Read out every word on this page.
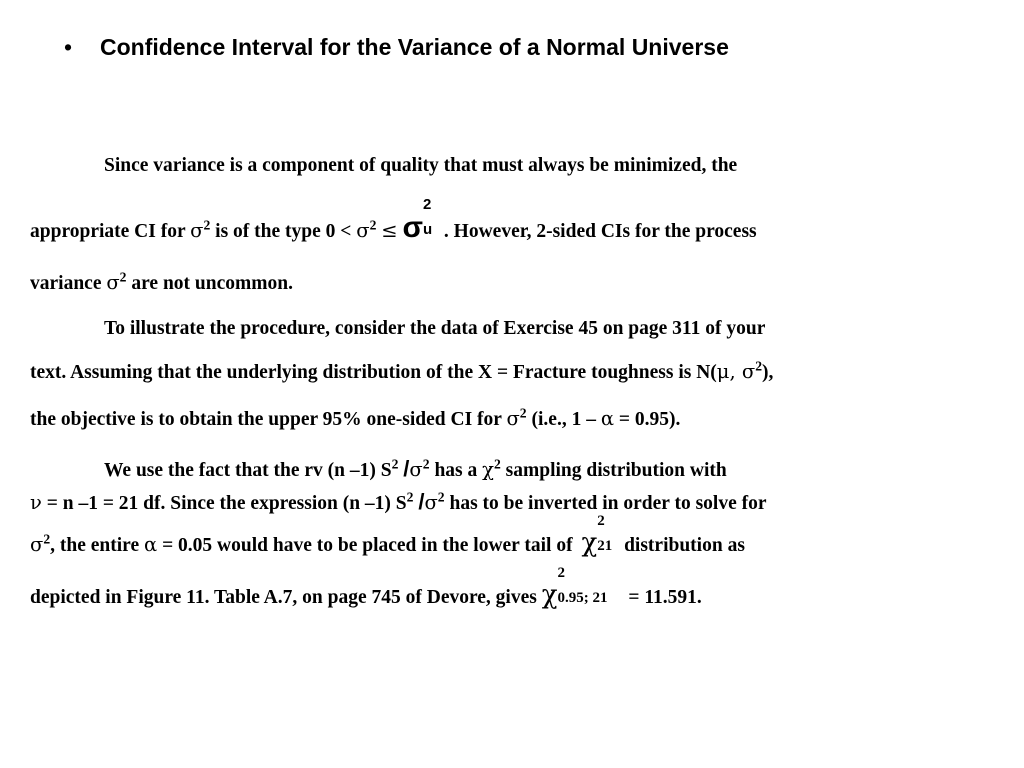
• Confidence Interval for the Variance of a Normal Universe
Since variance is a component of quality that must always be minimized, the
appropriate CI for $\sigma^2$ is of the type $0 < \sigma^2 \le \sigma$
2
u . However, 2-sided CIs for the process
variance $\sigma^2$ are not uncommon.
To illustrate the procedure, consider the data of Exercise 45 on page 311 of your
text. Assuming that the underlying distribution of the X = Fracture toughness is N(μ, $\sigma^2$),
the objective is to obtain the upper 95% one-sided CI for $\sigma^2$ (i.e., 1 – α = 0.95).
We use the fact that the rv (n –1) $S^2$ $/\sigma^2$ has a $\chi^2$ sampling distribution with
ν = n –1 = 21 df. Since the expression (n –1) $S^2$ $/\sigma^2$ has to be inverted in order to solve for
$\sigma^2$, the entire α = 0.05 would have to be placed in the lower tail of χ
2
21 distribution as
depicted in Figure 11. Table A.7, on page 745 of Devore, gives χ
2
0.95; 21 = 11.591.
